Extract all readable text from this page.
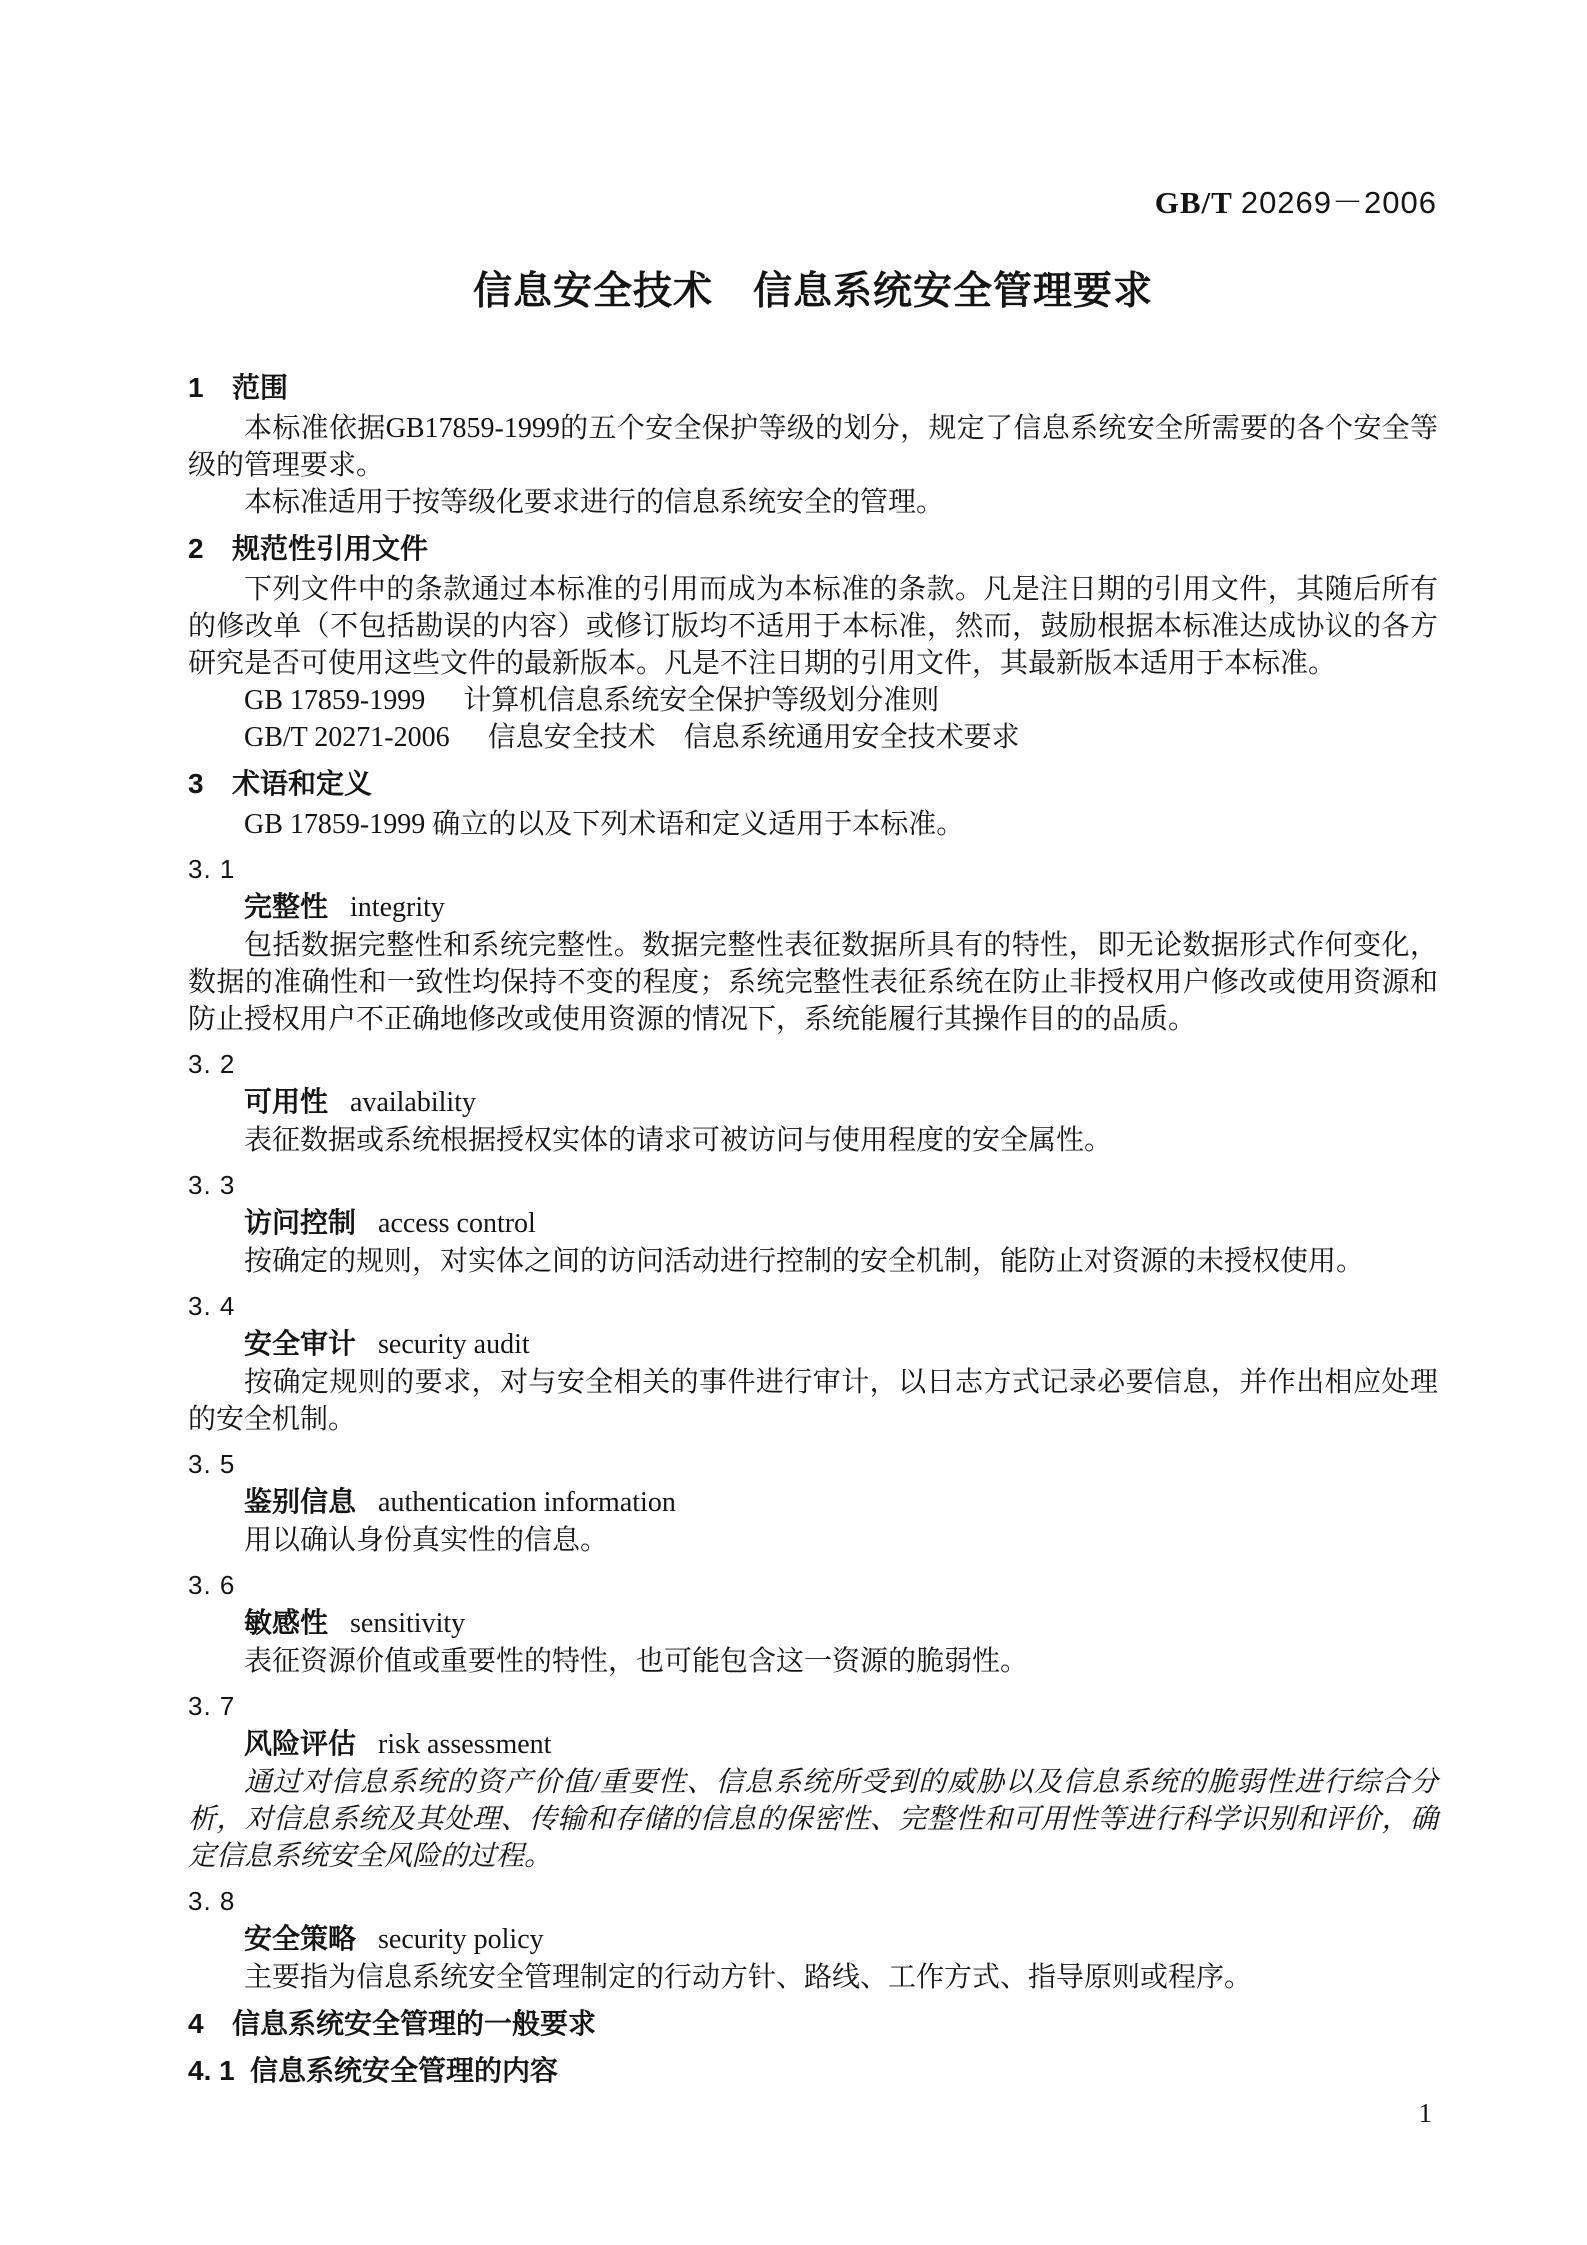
GB/T 20269－2006
信息安全技术　信息系统安全管理要求
1 范围

本标准依据GB17859-1999的五个安全保护等级的划分，规定了信息系统安全所需要的各个安全等级的管理要求。

本标准适用于按等级化要求进行的信息系统安全的管理。

2 规范性引用文件

下列文件中的条款通过本标准的引用而成为本标准的条款。凡是注日期的引用文件，其随后所有的修改单（不包括勘误的内容）或修订版均不适用于本标准，然而，鼓励根据本标准达成协议的各方研究是否可使用这些文件的最新版本。凡是不注日期的引用文件，其最新版本适用于本标准。

GB 17859-1999 计算机信息系统安全保护等级划分准则
GB/T 20271-2006 信息安全技术　信息系统通用安全技术要求
3 术语和定义

GB 17859-1999 确立的以及下列术语和定义适用于本标准。

3. 1
完整性 integrity

包括数据完整性和系统完整性。数据完整性表征数据所具有的特性，即无论数据形式作何变化，数据的准确性和一致性均保持不变的程度；系统完整性表征系统在防止非授权用户修改或使用资源和防止授权用户不正确地修改或使用资源的情况下，系统能履行其操作目的的品质。

3. 2
可用性 availability

表征数据或系统根据授权实体的请求可被访问与使用程度的安全属性。

3. 3
访问控制 access control

按确定的规则，对实体之间的访问活动进行控制的安全机制，能防止对资源的未授权使用。

3. 4
安全审计 security audit

按确定规则的要求，对与安全相关的事件进行审计，以日志方式记录必要信息，并作出相应处理的安全机制。

3. 5
鉴别信息 authentication information

用以确认身份真实性的信息。

3. 6
敏感性 sensitivity

表征资源价值或重要性的特性，也可能包含这一资源的脆弱性。

3. 7
风险评估 risk assessment

通过对信息系统的资产价值/重要性、信息系统所受到的威胁以及信息系统的脆弱性进行综合分析，对信息系统及其处理、传输和存储的信息的保密性、完整性和可用性等进行科学识别和评价，确定信息系统安全风险的过程。

3. 8
安全策略 security policy

主要指为信息系统安全管理制定的行动方针、路线、工作方式、指导原则或程序。

4 信息系统安全管理的一般要求
4. 1 信息系统安全管理的内容
1
